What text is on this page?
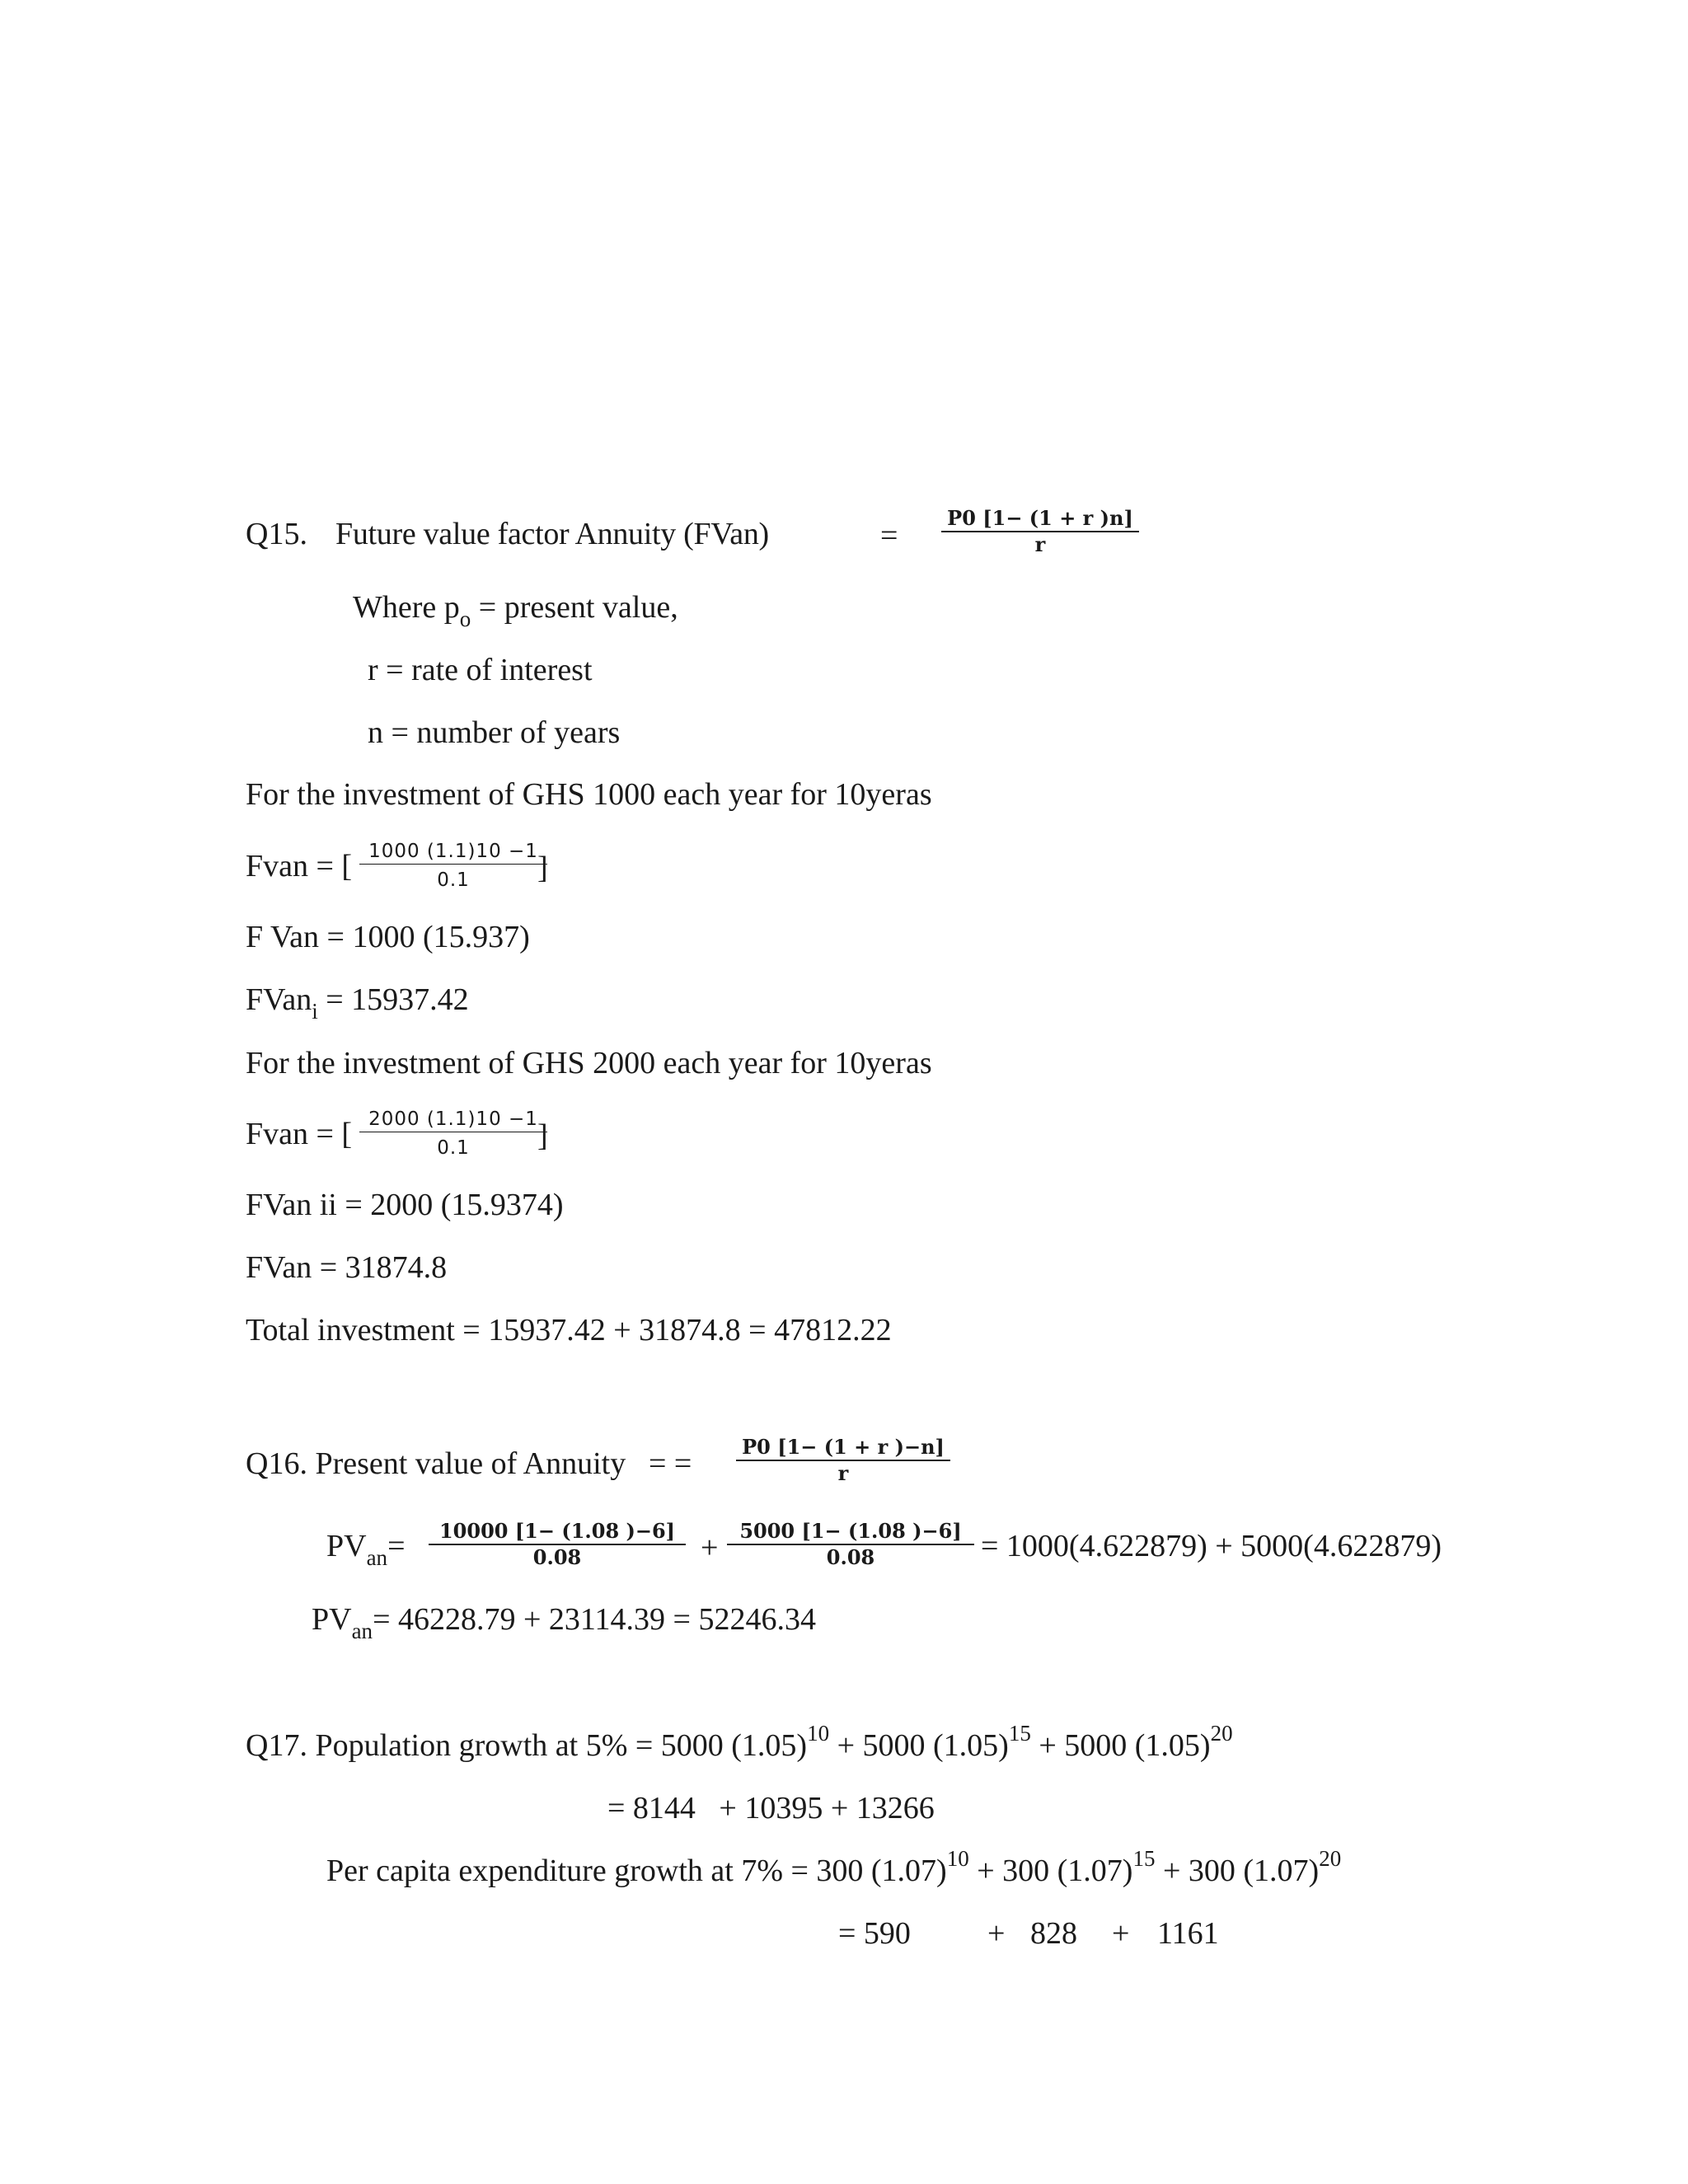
Q15. Future value factor Annuity (FVan)	=
P0 [1− (1 + r )n]
r
Where $p_o$ = present value,
r = rate of interest
n = number of years
For the investment of GHS 1000 each year for 10yeras
Fvan = [ 1000 (1.1)10 −1
0.1 ]
F Van = 1000 (15.937)
FVan$_i$ = 15937.42
For the investment of GHS 2000 each year for 10yeras
Fvan = [ 2000 (1.1)10 −1
0.1 ]
FVan ii = 2000 (15.9374)
FVan = 31874.8
Total investment = 15937.42 + 31874.8 = 47812.22
Q16. Present value of Annuity = =	P0 [1− (1 + r )−n]
r
$PV_{an}= 10000$ [1− (1.08 )−6]
0.08	+ 5000 [1− (1.08 )−6]
0.08	= 1000(4.622879) + 5000(4.622879)
$PV_{an}= 46228.79 + 23114.39 = 52246.34$
Q17. Population growth at 5% = 5000 $(1.05)^{10} + 5000$ $(1.05)^{15} + 5000$ $(1.05)^{20}$
= 8144   + 10395 + 13266
Per capita expenditure growth at 7% = 300 $(1.07)^{10} + 300$ $(1.07)^{15} + 300$ $(1.07)^{20}$
= 590 + 828 + 1161
